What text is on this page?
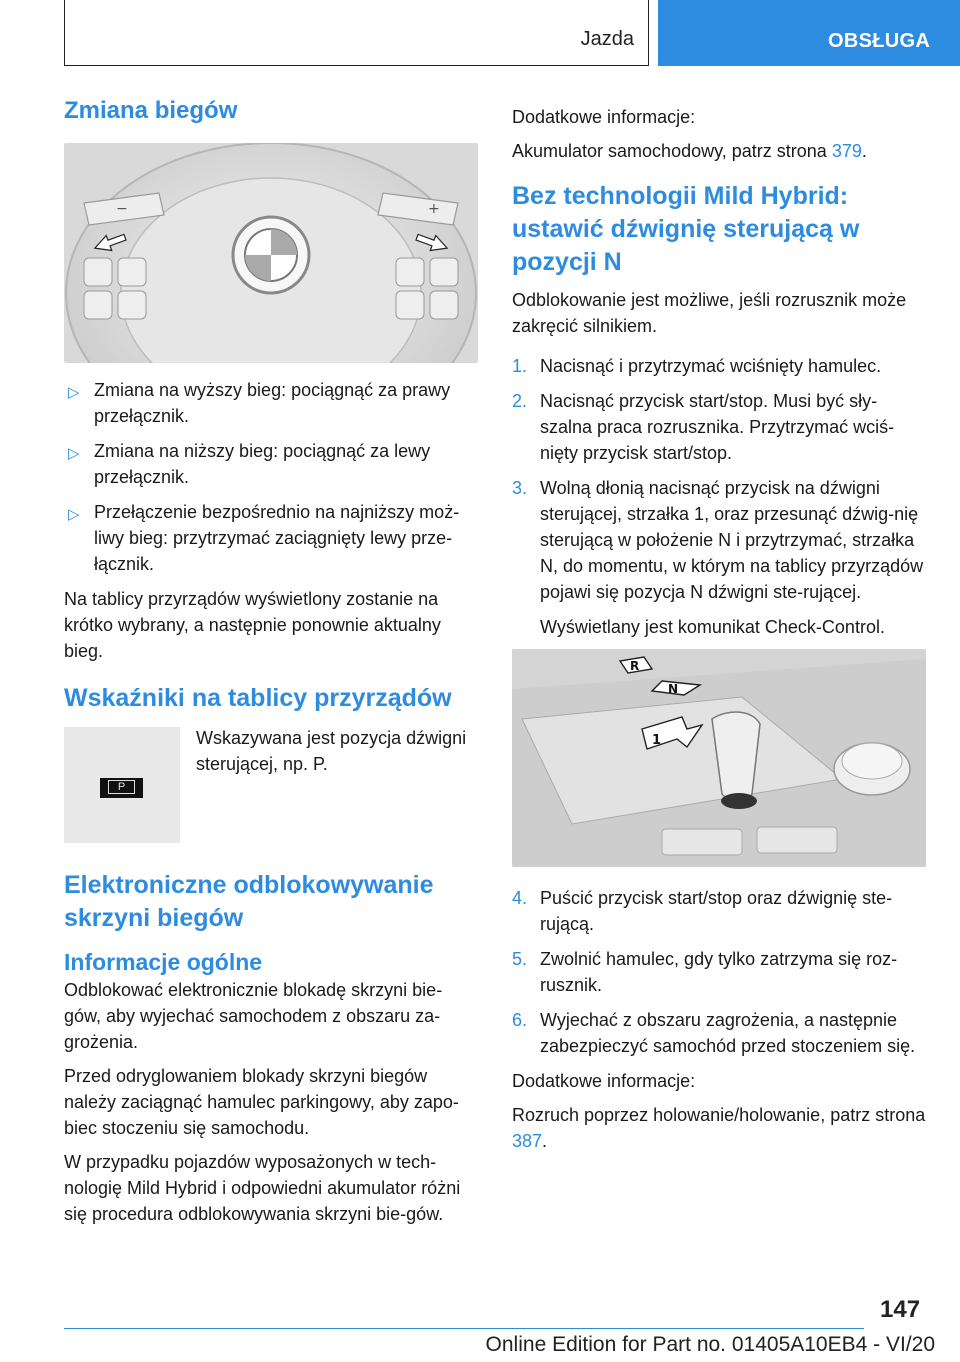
Jazda	OBSŁUGA
Zmiana biegów
−	+
▷ Zmiana na wyższy bieg: pociągnąć za prawy przełącznik.
▷ Zmiana na niższy bieg: pociągnąć za lewy przełącznik.
▷ Przełączenie bezpośrednio na najniższy moż-liwy bieg: przytrzymać zaciągnięty lewy prze-łącznik.

Na tablicy przyrządów wyświetlony zostanie na krótko wybrany, a następnie ponownie aktualny bieg.

Wskaźniki na tablicy przyrządów
P
Wskazywana jest pozycja dźwigni sterującej, np. P.
Elektroniczne odblokowywanie skrzyni biegów
Informacje ogólne

Odblokować elektronicznie blokadę skrzyni bie-gów, aby wyjechać samochodem z obszaru za-grożenia.

Przed odryglowaniem blokady skrzyni biegów należy zaciągnąć hamulec parkingowy, aby zapo-biec stoczeniu się samochodu.

W przypadku pojazdów wyposażonych w tech-nologię Mild Hybrid i odpowiedni akumulator różni się procedura odblokowywania skrzyni bie-gów.

Dodatkowe informacje:

Akumulator samochodowy, patrz strona 379.

Bez technologii Mild Hybrid: ustawić dźwignię sterującą w pozycji N

Odblokowanie jest możliwe, jeśli rozrusznik może zakręcić silnikiem.

1. Nacisnąć i przytrzymać wciśnięty hamulec.
2. Nacisnąć przycisk start/stop. Musi być sły-szalna praca rozrusznika. Przytrzymać wciś-nięty przycisk start/stop.
3. Wolną dłonią nacisnąć przycisk na dźwigni sterującej, strzałka 1, oraz przesunąć dźwig-nię sterującą w położenie N i przytrzymać, strzałka N, do momentu, w którym na tablicy przyrządów pojawi się pozycja N dźwigni ste-rującej.
Wyświetlany jest komunikat Check-Control.
R
N
1
4. Puścić przycisk start/stop oraz dźwignię ste-rującą.
5. Zwolnić hamulec, gdy tylko zatrzyma się roz-rusznik.
6. Wyjechać z obszaru zagrożenia, a następnie zabezpieczyć samochód przed stoczeniem się.

Dodatkowe informacje:

Rozruch poprzez holowanie/holowanie, patrz strona 387.

147
Online Edition for Part no. 01405A10EB4 - VI/20
